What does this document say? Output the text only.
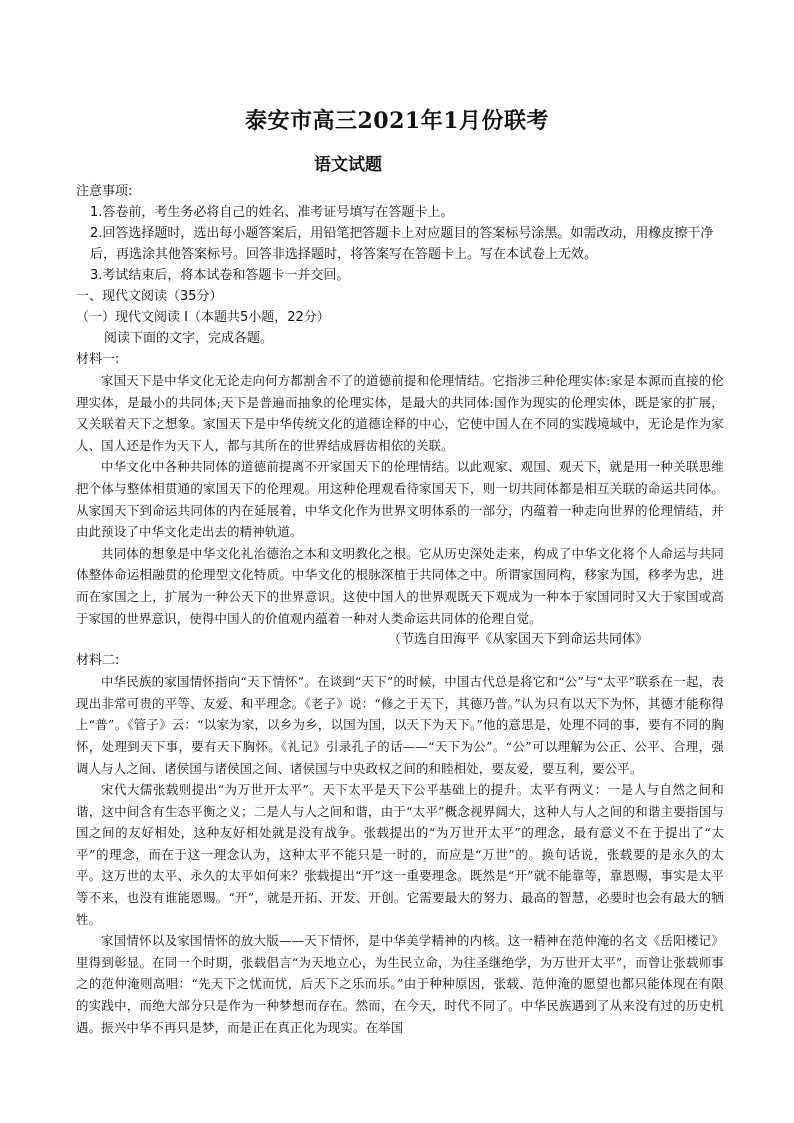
泰安市高三2021年1月份联考
语文试题

注意事项:

1.答卷前，考生务必将自己的姓名、准考证号填写在答题卡上。

2.回答选择题时，选出每小题答案后，用铅笔把答题卡上对应题目的答案标号涂黑。如需改动，用橡皮擦干净后，再选涂其他答案标号。回答非选择题时，将答案写在答题卡上。写在本试卷上无效。

3.考试结束后，将本试卷和答题卡一并交回。

一、现代文阅读（35分）

（一）现代文阅读 Ⅰ（本题共5小题，22分）

阅读下面的文字，完成各题。

材料一:

家国天下是中华文化无论走向何方都割舍不了的道德前提和伦理情结。它指涉三种伦理实体:家是本源而直接的伦理实体，是最小的共同体;天下是普遍而抽象的伦理实体，是最大的共同体:国作为现实的伦理实体，既是家的扩展，又关联着天下之想象。家国天下是中华传统文化的道德诠释的中心，它使中国人在不同的实践境域中，无论是作为家人、国人还是作为天下人，都与其所在的世界结成唇齿相依的关联。

中华文化中各种共同体的道德前提离不开家国天下的伦理情结。以此观家、观国、观天下，就是用一种关联思维把个体与整体相贯通的家国天下的伦理观。用这种伦理观看待家国天下，则一切共同体都是相互关联的命运共同体。从家国天下到命运共同体的内在延展着，中华文化作为世界文明体系的一部分，内蕴着一种走向世界的伦理情结，并由此预设了中华文化走出去的精神轨道。

共同体的想象是中华文化礼治德治之本和文明教化之根。它从历史深处走来，构成了中华文化将个人命运与共同体整体命运相融贯的伦理型文化特质。中华文化的根脉深植于共同体之中。所谓家国同构，移家为国，移孝为忠，进而在家国之上，扩展为一种公天下的世界意识。这使中国人的世界观既天下观成为一种本于家国同时又大于家国或高于家国的世界意识，使得中国人的价值观内蕴着一种对人类命运共同体的伦理自觉。

（节选自田海平《从家国天下到命运共同体》

材料二:

中华民族的家国情怀指向“天下情怀”。在谈到“天下”的时候，中国古代总是将它和“公”与“太平”联系在一起，表现出非常可贵的平等、友爱、和平理念。《老子》说：“修之于天下，其德乃普。”认为只有以天下为怀，其德才能称得上“普”。《管子》云：“以家为家，以乡为乡，以国为国，以天下为天下。”他的意思是，处理不同的事，要有不同的胸怀，处理到天下事，要有天下胸怀。《礼记》引录孔子的话——“天下为公”。“公”可以理解为公正、公平、合理，强调人与人之间、诸侯国与诸侯国之间、诸侯国与中央政权之间的和睦相处，要友爱，要互利，要公平。

宋代大儒张载则提出“为万世开太平”。天下太平是天下公平基础上的提升。太平有两义：一是人与自然之间和谐，这中间含有生态平衡之义；二是人与人之间和谐，由于“太平”概念视界阔大，这种人与人之间的和谐主要指国与国之间的友好相处，这种友好相处就是没有战争。张载提出的“为万世开太平”的理念，最有意义不在于提出了“太平”的理念，而在于这一理念认为，这种太平不能只是一时的，而应是“万世”的。换句话说，张载要的是永久的太平。这万世的太平、永久的太平如何来？张载提出“开”这一重要理念。既然是“开”就不能靠等，靠恩赐，事实是太平等不来，也没有谁能恩赐。“开”，就是开拓、开发、开创。它需要最大的努力、最高的智慧，必要时也会有最大的牺牲。

家国情怀以及家国情怀的放大版——天下情怀，是中华美学精神的内核。这一精神在范仲淹的名文《岳阳楼记》里得到彰显。在同一个时期，张载倡言“为天地立心，为生民立命，为往圣继绝学，为万世开太平”，而曾让张载师事之的范仲淹则高唱：“先天下之忧而忧，后天下之乐而乐。”由于种种原因，张载、范仲淹的愿望也都只能体现在有限的实践中，而绝大部分只是作为一种梦想而存在。然而，在今天，时代不同了。中华民族遇到了从来没有过的历史机遇。振兴中华不再只是梦，而是正在真正化为现实。在举国
